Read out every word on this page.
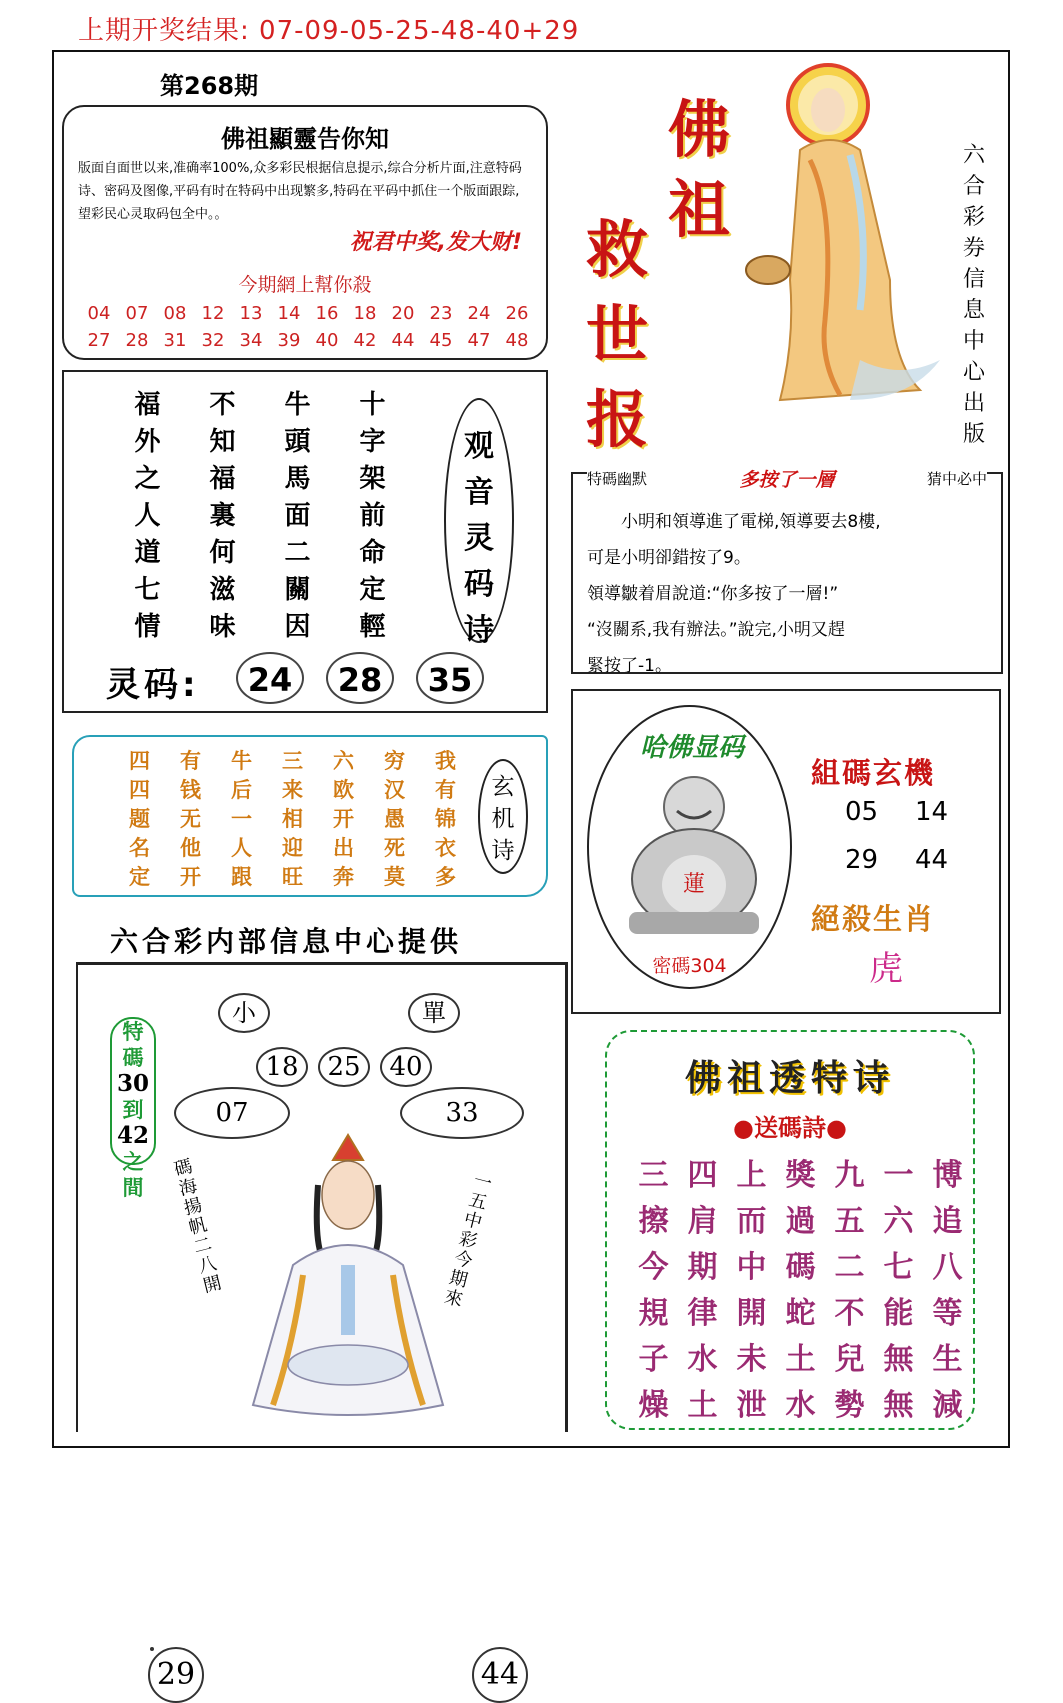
上期开奖结果: 07-09-05-25-48-40+29
第268期
佛祖顯靈告你知
版面自面世以来,准确率100%,众多彩民根据信息提示,综合分析片面,注意特码诗、密码及图像,平码有时在特码中出现繁多,特码在平码中抓住一个版面跟踪,望彩民心灵取码包全中。。
祝君中奖,发大财!
今期網上幫你殺
04 07 08 12 13 14 16 18 20 23 24 26
27 28 31 32 34 39 40 42 44 45 47 48
佛
祖
救
世
报
六合彩券信息中心出版
福	不	牛	十
外	知	頭	字
之	福	馬	架
人	裏	面	前
道	何	二	命
七	滋	關	定
情	味	因	輕
观音灵码诗
灵码:	24	28	35
特碼幽默	多按了一層	猜中必中
小明和領導進了電梯,領導要去8樓,
可是小明卻錯按了9。
領導皺着眉說道:“你多按了一層!”
“沒關系,我有辦法。”說完,小明又趕
緊按了-1。
四	有	牛	三	六	穷	我
四	钱	后	来	欧	汉	有
题	无	一	相	开	愚	锦
名	他	人	迎	出	死	衣
定	开	跟	旺	奔	莫	多
玄机诗
六合彩内部信息中心提供
哈佛显码
蓮
密碼304
組碼玄機
05 14
29 44
絕殺生肖
虎
小	單
18	25	40
07	33
特
碼
30
到
42
之
間
碼海揚帆二八開
一五中彩今期來
29	44
佛祖透特诗
●送碼詩●
三 四 上 獎 九 一 博
擦 肩 而 過 五 六 追
今 期 中 碼 二 七 八
規 律 開 蛇 不 能 等
子 水 未 土 兒 無 生
燥 土 泄 水 勢 無 減
